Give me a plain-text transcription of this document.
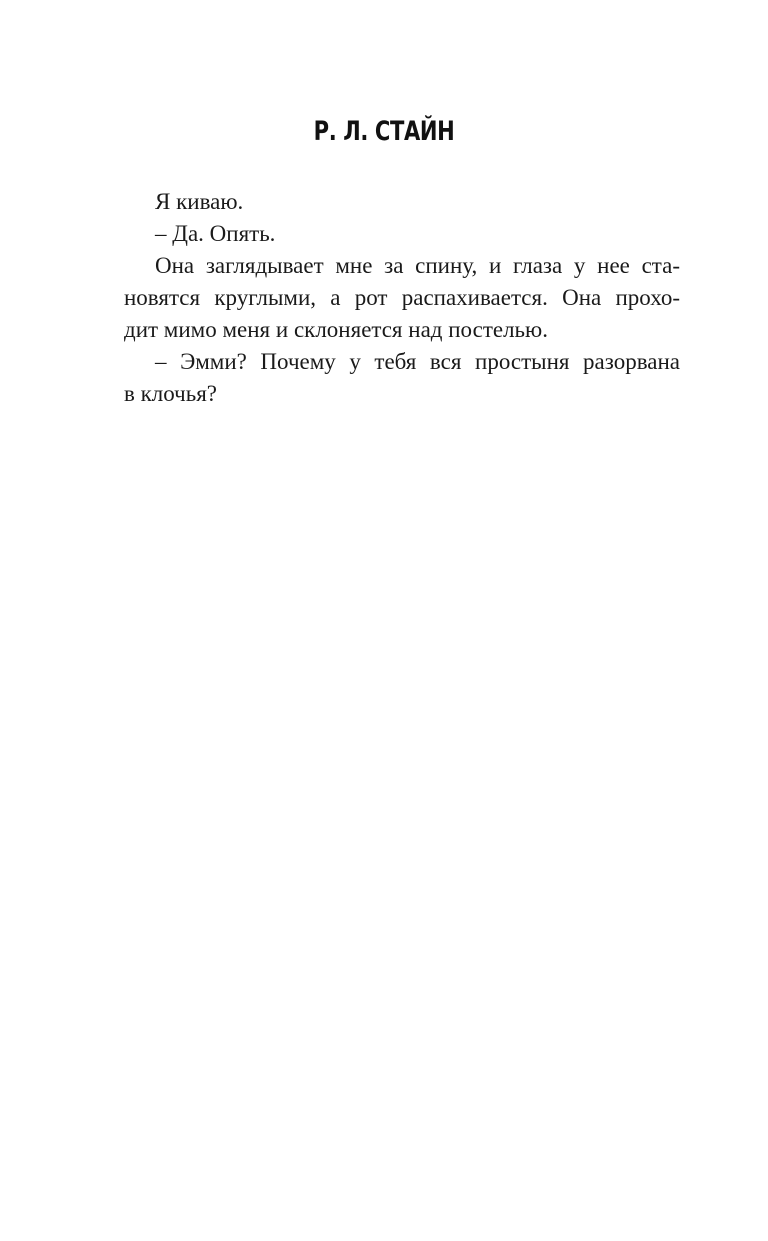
Р. Л. СТАЙН
Я киваю.
– Да. Опять.
Она заглядывает мне за спину, и глаза у нее ста-
новятся круглыми, а рот распахивается. Она прохо-
дит мимо меня и склоняется над постелью.
– Эмми? Почему у тебя вся простыня разорвана
в клочья?
